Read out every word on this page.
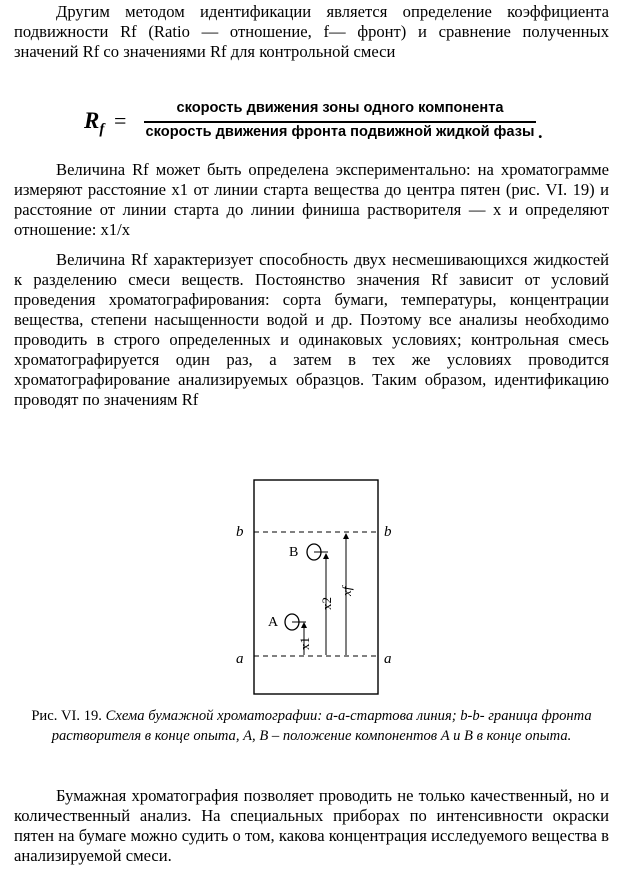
Другим методом идентификации является определение коэффициента подвижности Rf (Ratio — отношение, f— фронт) и сравнение полученных значений Rf со значениями Rf для контрольной смеси

$R_f$ =	скорость движения зоны одного компонента
скорость движения фронта подвижной жидкой фазы .

Величина Rf может быть определена экспериментально: на хроматограмме измеряют расстояние x1 от линии старта вещества до центра пятен (рис. VI. 19) и расстояние от линии старта до линии финиша растворителя — x и определяют отношение: x1/x

Величина Rf характеризует способность двух несмешивающихся жидкостей к разделению смеси веществ. Постоянство значения Rf зависит от условий проведения хроматографирования: сорта бумаги, температуры, концентрации вещества, степени насыщенности водой и др. Поэтому все анализы необходимо проводить в строго определенных и одинаковых условиях; контрольная смесь хроматографируется один раз, а затем в тех же условиях проводится хроматографирование анализируемых образцов. Таким образом, идентификацию проводят по значениям Rf

b	b
a	a
B
A
x1
x2
xf
Рис. VI. 19. Схема бумажной хроматографии: a-a-стартова линия; b-b- граница фронта растворителя в конце опыта, A, B – положение компонентов A и B в конце опыта.

Бумажная хроматография позволяет проводить не только качественный, но и количественный анализ. На специальных приборах по интенсивности окраски пятен на бумаге можно судить о том, какова концентрация исследуемого вещества в анализируемой смеси.
